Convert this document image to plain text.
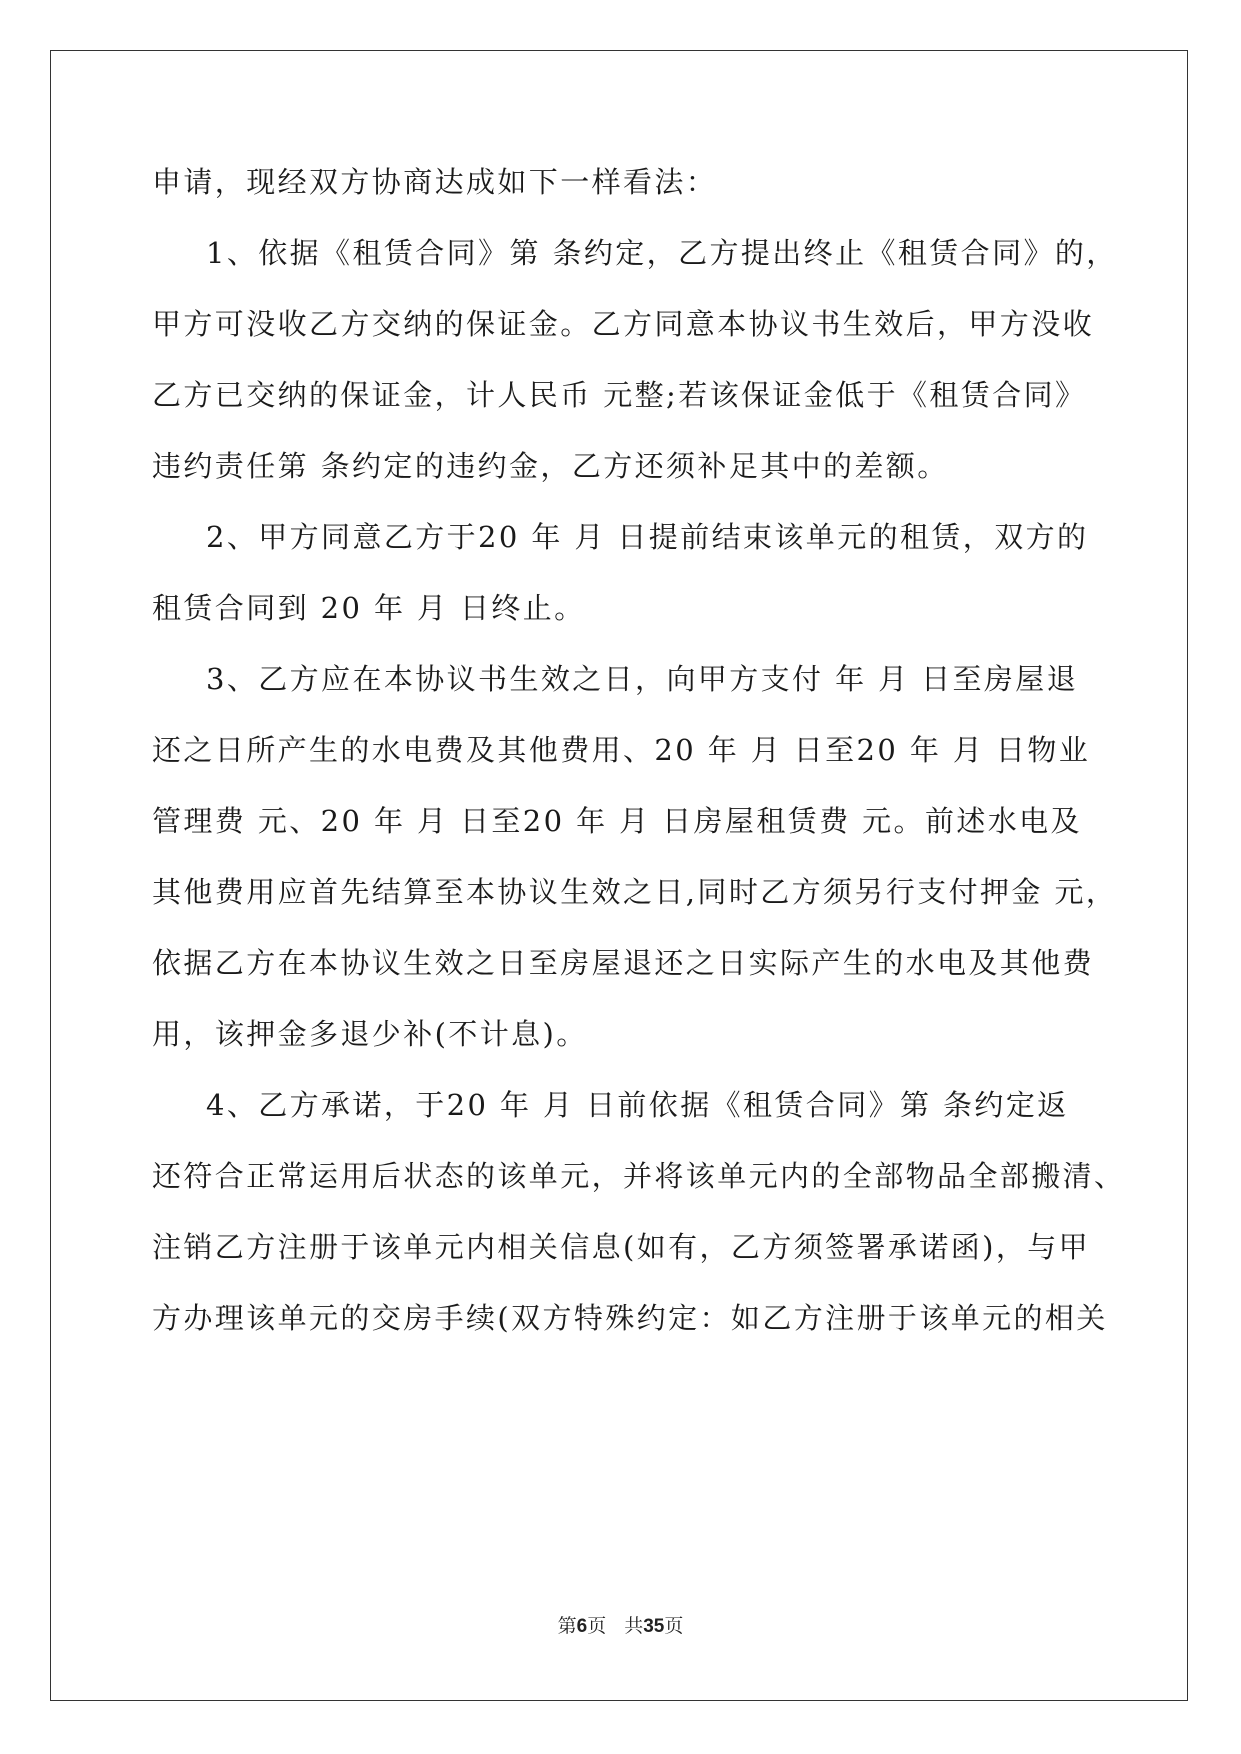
申请，现经双方协商达成如下一样看法：
1、依据《租赁合同》第 条约定，乙方提出终止《租赁合同》的，
甲方可没收乙方交纳的保证金。乙方同意本协议书生效后，甲方没收
乙方已交纳的保证金，计人民币 元整;若该保证金低于《租赁合同》
违约责任第 条约定的违约金，乙方还须补足其中的差额。
2、甲方同意乙方于20 年 月 日提前结束该单元的租赁，双方的
租赁合同到 20 年 月 日终止。
3、乙方应在本协议书生效之日，向甲方支付 年 月 日至房屋退
还之日所产生的水电费及其他费用、20 年 月 日至20 年 月 日物业
管理费 元、20 年 月 日至20 年 月 日房屋租赁费 元。前述水电及
其他费用应首先结算至本协议生效之日,同时乙方须另行支付押金 元，
依据乙方在本协议生效之日至房屋退还之日实际产生的水电及其他费
用，该押金多退少补(不计息)。
4、乙方承诺，于20 年 月 日前依据《租赁合同》第 条约定返
还符合正常运用后状态的该单元，并将该单元内的全部物品全部搬清、
注销乙方注册于该单元内相关信息(如有，乙方须签署承诺函)，与甲
方办理该单元的交房手续(双方特殊约定：如乙方注册于该单元的相关
第6页 共35页
